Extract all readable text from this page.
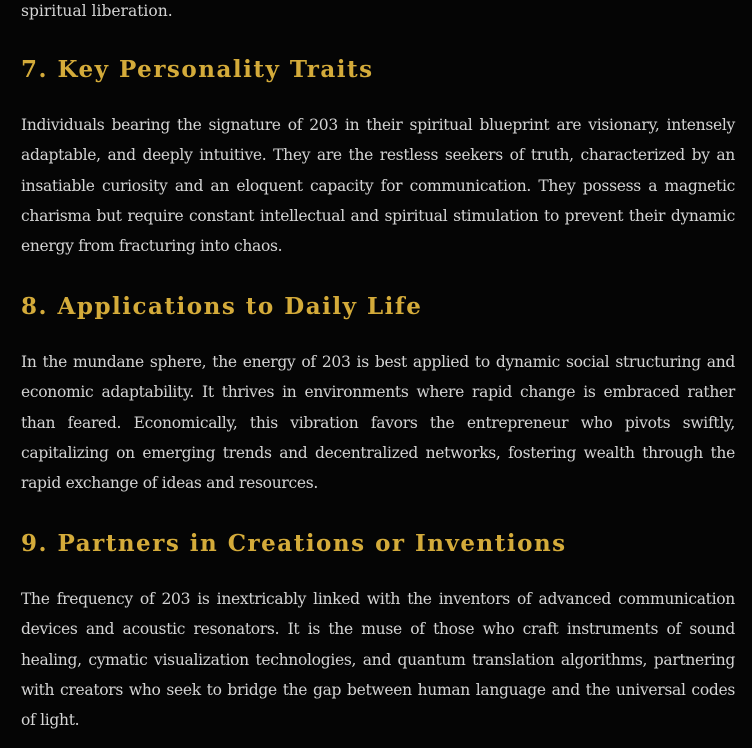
spiritual liberation.

7. Key Personality Traits

Individuals bearing the signature of 203 in their spiritual blueprint are visionary, intensely adaptable, and deeply intuitive. They are the restless seekers of truth, characterized by an insatiable curiosity and an eloquent capacity for communication. They possess a magnetic charisma but require constant intellectual and spiritual stimulation to prevent their dynamic energy from fracturing into chaos.

8. Applications to Daily Life

In the mundane sphere, the energy of 203 is best applied to dynamic social structuring and economic adaptability. It thrives in environments where rapid change is embraced rather than feared. Economically, this vibration favors the entrepreneur who pivots swiftly, capitalizing on emerging trends and decentralized networks, fostering wealth through the rapid exchange of ideas and resources.

9. Partners in Creations or Inventions

The frequency of 203 is inextricably linked with the inventors of advanced communication devices and acoustic resonators. It is the muse of those who craft instruments of sound healing, cymatic visualization technologies, and quantum translation algorithms, partnering with creators who seek to bridge the gap between human language and the universal codes of light.
